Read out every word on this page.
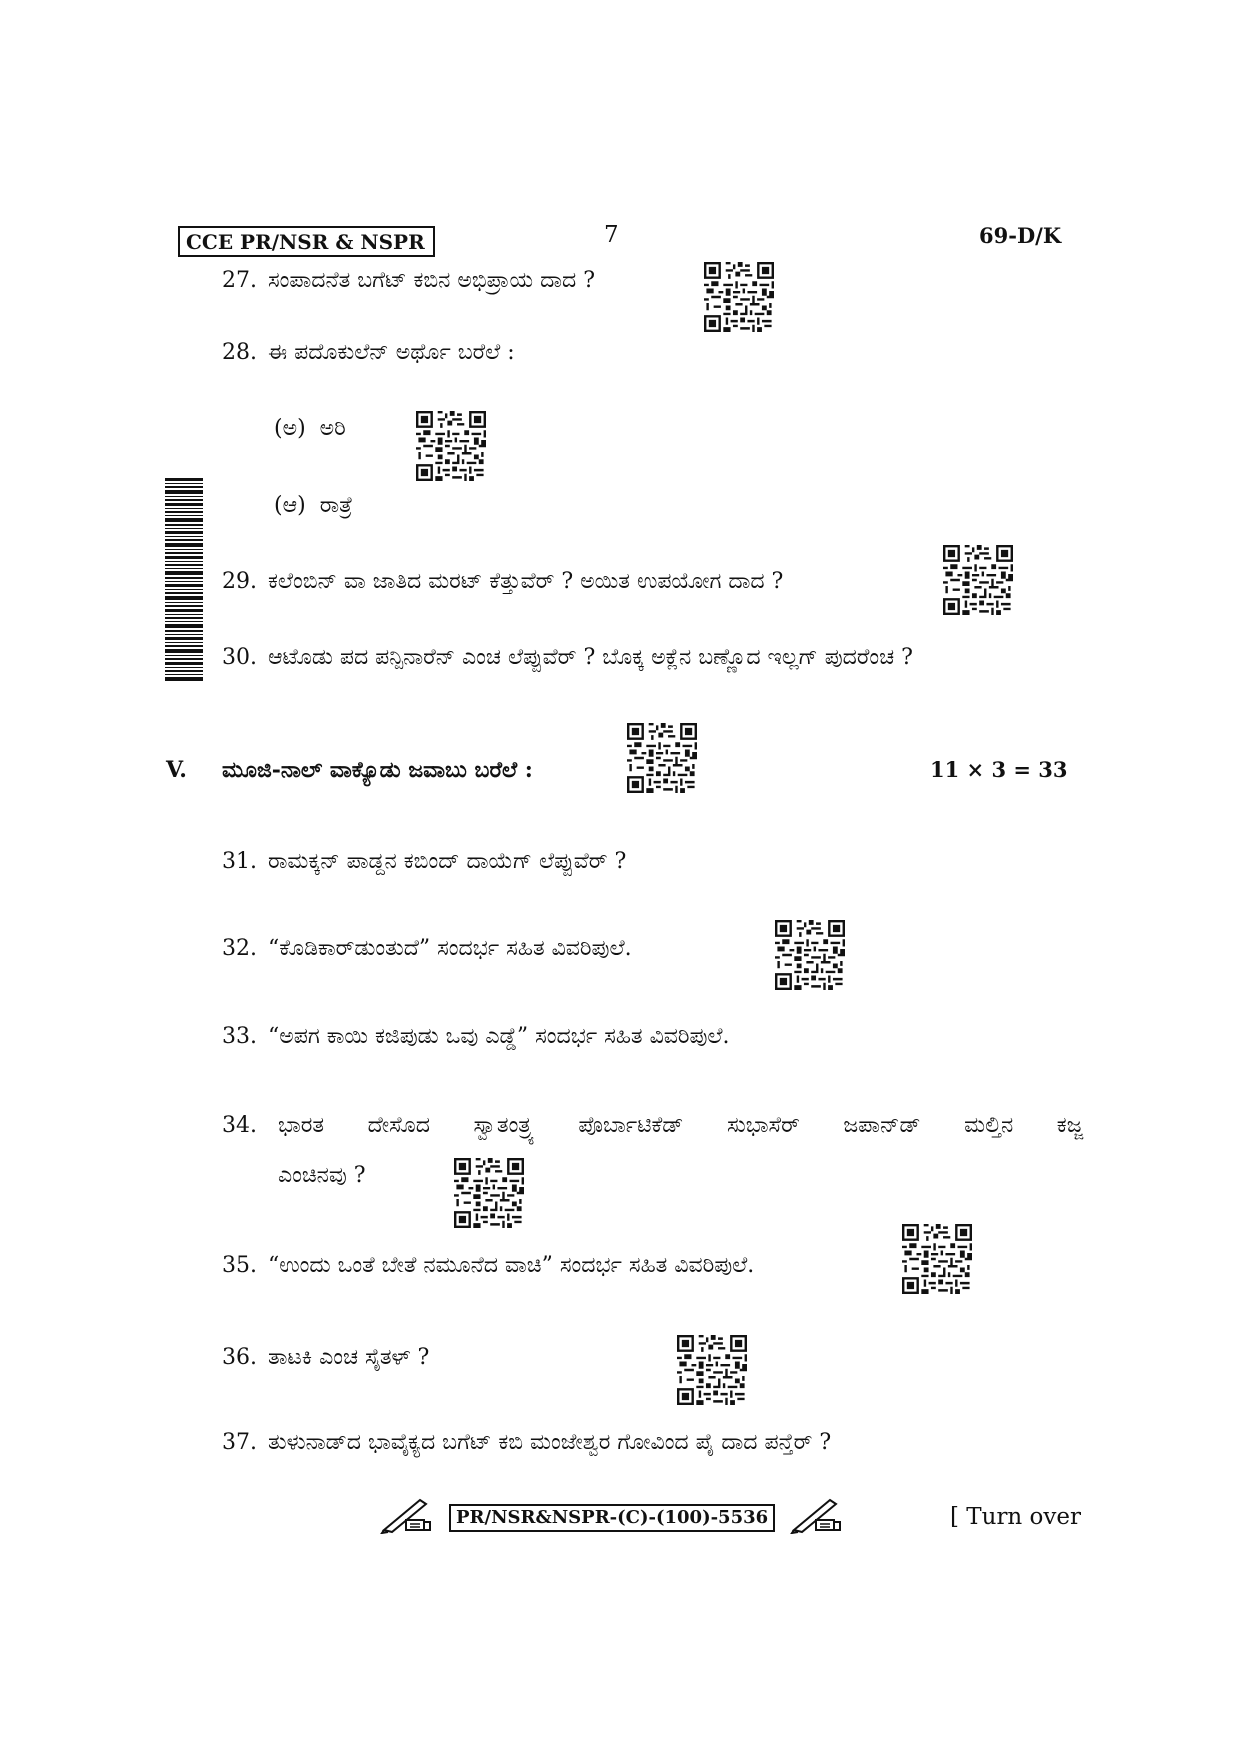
CCE PR/NSR & NSPR	7	69-D/K
27. ಸಂಪಾದನೆತ ಬಗೆಟ್ ಕಬಿನ ಅಭಿಪ್ರಾಯ ದಾದ ?
28. ಈ ಪದೊಕುಲೆನ್ ಅರ್ಥೊ ಬರೆಲೆ :
(ಅ) ಅರಿ
(ಆ) ರಾತ್ರೆ
29. ಕಲೆಂಬಿನ್ ವಾ ಜಾತಿದ ಮರಟ್ ಕೆತ್ತುವೆರ್ ? ಅಯಿತ ಉಪಯೋಗ ದಾದ ?
30. ಆಟೊಡು ಪದ ಪನ್ಪಿನಾರೆನ್ ಎಂಚ ಲೆಪ್ಪುವೆರ್ ? ಬೊಕ್ಕ ಅಕ್ಲೆನ ಬಣ್ಣೊದ ಇಲ್ಲಗ್ ಪುದರೆಂಚ ?
V. ಮೂಜಿ-ನಾಲ್ ವಾಕ್ಯೊಡು ಜವಾಬು ಬರೆಲೆ :	11 × 3 = 33
31. ರಾಮಕ್ಕನ್ ಪಾಡ್ದನ ಕಬಿಂದ್ ದಾಯೆಗ್ ಲೆಪ್ಪುವೆರ್ ?
32. “ಕೊಡಿಕಾರ್‌ಡುಂತುದೆ” ಸಂದರ್ಭ ಸಹಿತ ವಿವರಿಪುಲೆ.
33. “ಅಪಗ ಕಾಯಿ ಕಜಿಪುಡು ಒವು ಎಡ್ಡೆ” ಸಂದರ್ಭ ಸಹಿತ ವಿವರಿಪುಲೆ.
34. ಭಾರತ ದೇಸೊದ ಸ್ವಾತಂತ್ರ್ಯ ಪೊರ್ಬಾಟಿಕೆಡ್ ಸುಭಾಸೆರ್ ಜಪಾನ್‌ಡ್ ಮಲ್ತಿನ ಕಜ್ಜ
ಎಂಚಿನವು ?
35. “ಉಂದು ಒಂತೆ ಬೇತೆ ನಮೂನೆದ ವಾಚಿ” ಸಂದರ್ಭ ಸಹಿತ ವಿವರಿಪುಲೆ.
36. ತಾಟಕಿ ಎಂಚ ಸೈತಳ್ ?
37. ತುಳುನಾಡ್‌ದ ಭಾವೈಕ್ಯದ ಬಗೆಟ್ ಕಬಿ ಮಂಜೇಶ್ವರ ಗೋವಿಂದ ಪೈ ದಾದ ಪನ್ತೆರ್ ?
PR/NSR&NSPR-(C)-(100)-5536	[ Turn over
